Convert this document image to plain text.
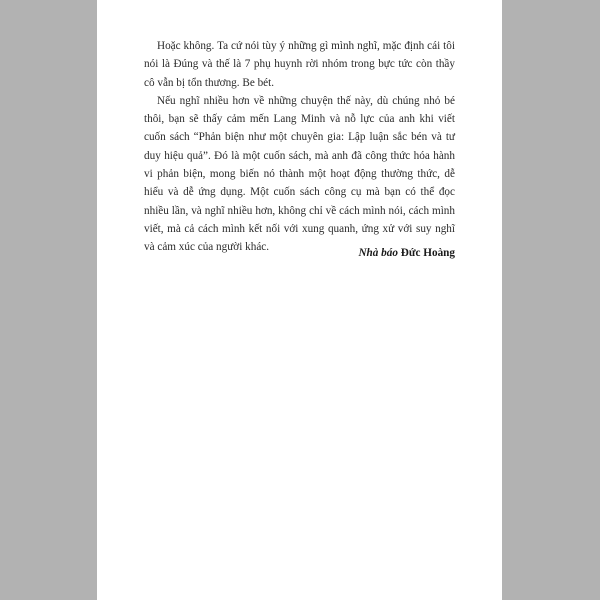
Hoặc không. Ta cứ nói tùy ý những gì mình nghĩ, mặc định cái tôi nói là Đúng và thế là 7 phụ huynh rời nhóm trong bực tức còn thầy cô vẫn bị tổn thương. Be bét.

Nếu nghĩ nhiều hơn về những chuyện thế này, dù chúng nhỏ bé thôi, bạn sẽ thấy cảm mến Lang Minh và nỗ lực của anh khi viết cuốn sách “Phản biện như một chuyên gia: Lập luận sắc bén và tư duy hiệu quả”. Đó là một cuốn sách, mà anh đã công thức hóa hành vi phản biện, mong biến nó thành một hoạt động thường thức, dễ hiểu và dễ ứng dụng. Một cuốn sách công cụ mà bạn có thể đọc nhiều lần, và nghĩ nhiều hơn, không chỉ về cách mình nói, cách mình viết, mà cả cách mình kết nối với xung quanh, ứng xử với suy nghĩ và cảm xúc của người khác.	Nhà báo Đức Hoàng
